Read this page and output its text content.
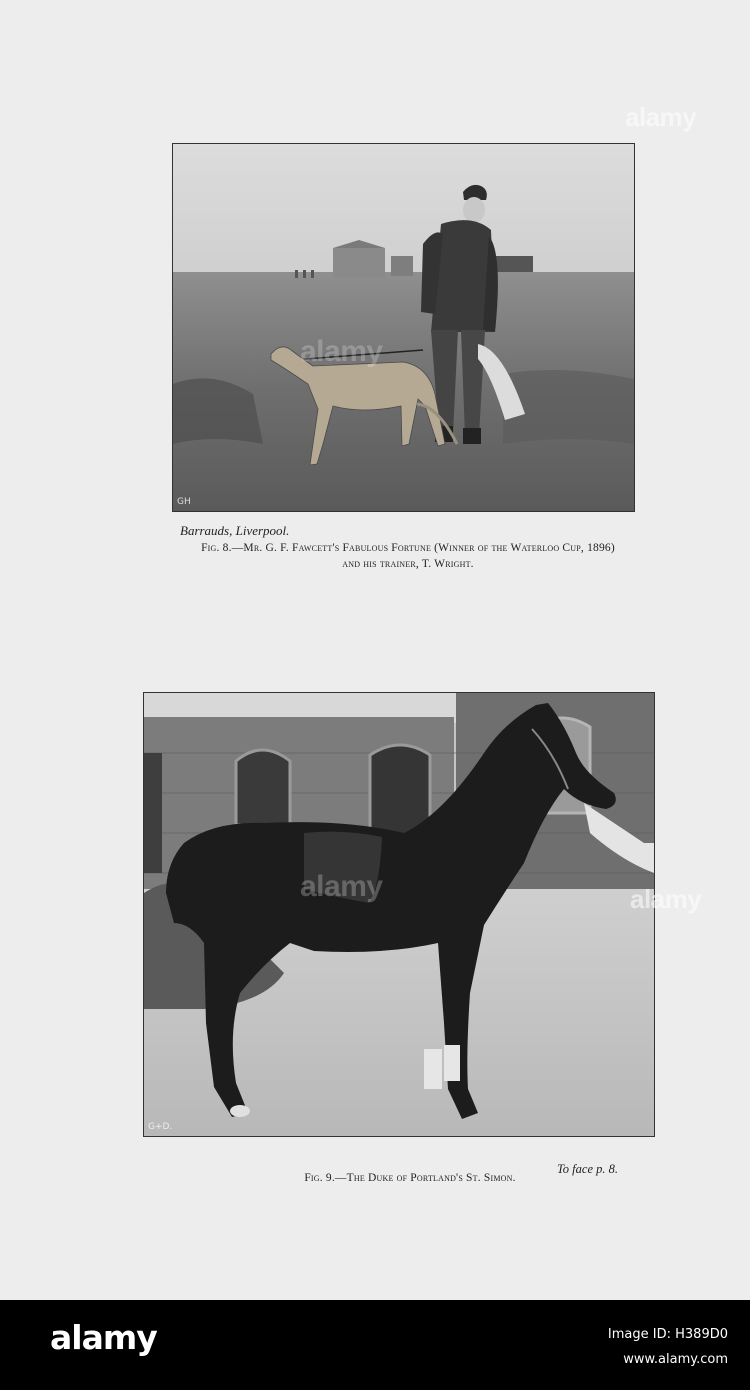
GH
Barrauds, Liverpool.
Fig. 8.—Mr. G. F. Fawcett's Fabulous Fortune (Winner of the Waterloo Cup, 1896)
and his trainer, T. Wright.
G+D.
To face p. 8.
Fig. 9.—The Duke of Portland's St. Simon.
alamy
alamy
alamy
alamy
alamy	Image ID: H389D0
www.alamy.com
